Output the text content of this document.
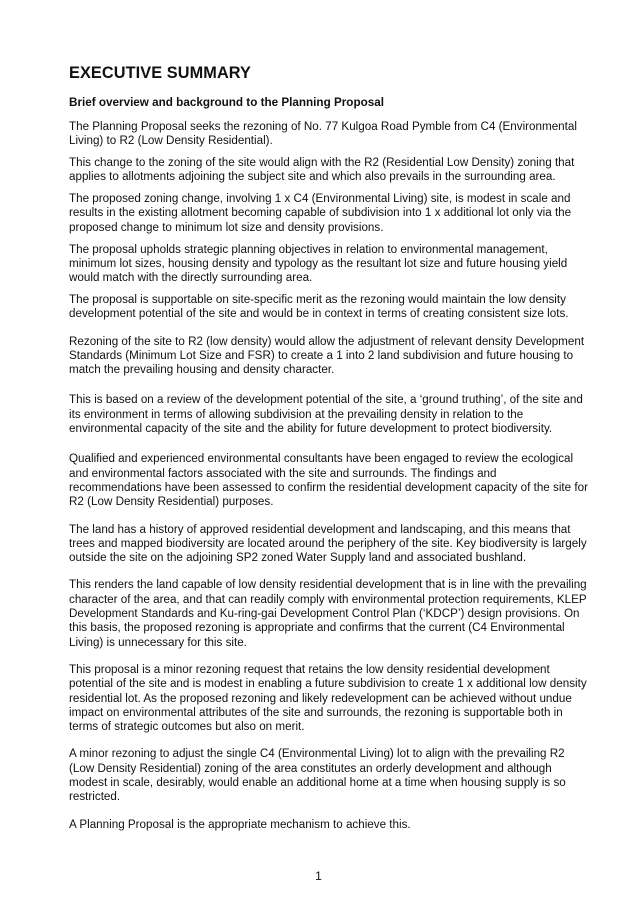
EXECUTIVE SUMMARY
Brief overview and background to the Planning Proposal

The Planning Proposal seeks the rezoning of No. 77 Kulgoa Road Pymble from C4 (Environmental Living) to R2 (Low Density Residential).

This change to the zoning of the site would align with the R2 (Residential Low Density) zoning that applies to allotments adjoining the subject site and which also prevails in the surrounding area.

The proposed zoning change, involving 1 x C4 (Environmental Living) site, is modest in scale and results in the existing allotment becoming capable of subdivision into 1 x additional lot only via the proposed change to minimum lot size and density provisions.

The proposal upholds strategic planning objectives in relation to environmental management, minimum lot sizes, housing density and typology as the resultant lot size and future housing yield would match with the directly surrounding area.

The proposal is supportable on site-specific merit as the rezoning would maintain the low density development potential of the site and would be in context in terms of creating consistent size lots.

Rezoning of the site to R2 (low density) would allow the adjustment of relevant density Development Standards (Minimum Lot Size and FSR) to create a 1 into 2 land subdivision and future housing to match the prevailing housing and density character.

This is based on a review of the development potential of the site, a ‘ground truthing’, of the site and its environment in terms of allowing subdivision at the prevailing density in relation to the environmental capacity of the site and the ability for future development to protect biodiversity.

Qualified and experienced environmental consultants have been engaged to review the ecological and environmental factors associated with the site and surrounds. The findings and recommendations have been assessed to confirm the residential development capacity of the site for R2 (Low Density Residential) purposes.

The land has a history of approved residential development and landscaping, and this means that trees and mapped biodiversity are located around the periphery of the site. Key biodiversity is largely outside the site on the adjoining SP2 zoned Water Supply land and associated bushland.

This renders the land capable of low density residential development that is in line with the prevailing character of the area, and that can readily comply with environmental protection requirements, KLEP Development Standards and Ku-ring-gai Development Control Plan (‘KDCP’) design provisions. On this basis, the proposed rezoning is appropriate and confirms that the current (C4 Environmental Living) is unnecessary for this site.

This proposal is a minor rezoning request that retains the low density residential development potential of the site and is modest in enabling a future subdivision to create 1 x additional low density residential lot. As the proposed rezoning and likely redevelopment can be achieved without undue impact on environmental attributes of the site and surrounds, the rezoning is supportable both in terms of strategic outcomes but also on merit.

A minor rezoning to adjust the single C4 (Environmental Living) lot to align with the prevailing R2 (Low Density Residential) zoning of the area constitutes an orderly development and although modest in scale, desirably, would enable an additional home at a time when housing supply is so restricted.

A Planning Proposal is the appropriate mechanism to achieve this.

1
